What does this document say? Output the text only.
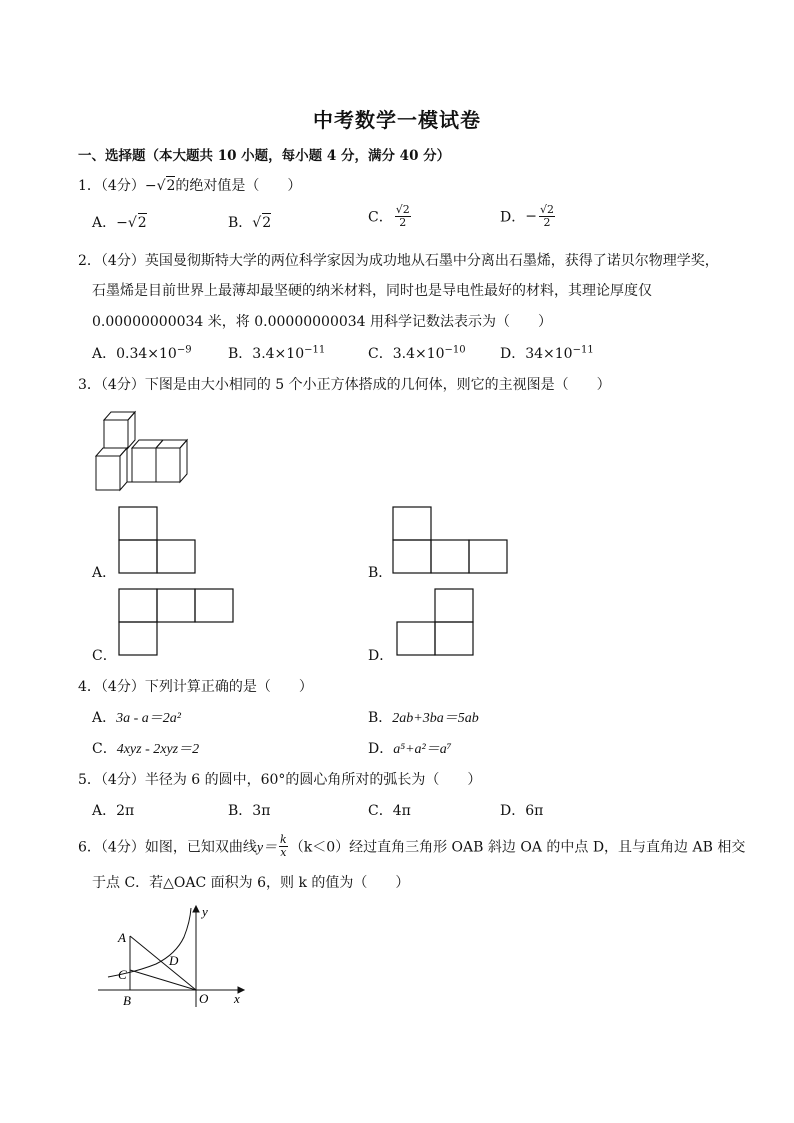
中考数学一模试卷
一、选择题（本大题共 10 小题，每小题 4 分，满分 40 分）
1．（4分）−√2的绝对值是（　　）
A．−√2	B．√2	C． $\frac{√2}{2}$	D．− $\frac{√2}{2}$
2．（4分）英国曼彻斯特大学的两位科学家因为成功地从石墨中分离出石墨烯，获得了诺贝尔物理学奖，
石墨烯是目前世界上最薄却最坚硬的纳米材料，同时也是导电性最好的材料，其理论厚度仅
0.00000000034 米，将 0.00000000034 用科学记数法表示为（　　）
A．$0.34\times 10^{-9}$	B．$3.4\times 10^{-11}$	C．$3.4\times 10^{-10}$ D．$34\times 10^{-11}$
3．（4分）下图是由大小相同的 5 个小正方体搭成的几何体，则它的主视图是（　　）
A．	B．
C．	D．
4．（4分）下列计算正确的是（　　）
A．3a - a＝2a²	B．2ab+3ba＝5ab
C．4xyz - 2xyz＝2	D．a⁵+a²＝a⁷
5．（4分）半径为 6 的圆中，60°的圆心角所对的弧长为（　　）
A．2π	B．3π	C．4π	D．6π
6．（4分）如图，已知双曲线$y= \frac{k}{x} (k<0)$经过直角三角形 OAB 斜边 OA 的中点 D，且与直角边 AB 相交
于点 C．若△OAC 面积为 6，则 k 的值为（　　）
A
C
B
D
O x
y
